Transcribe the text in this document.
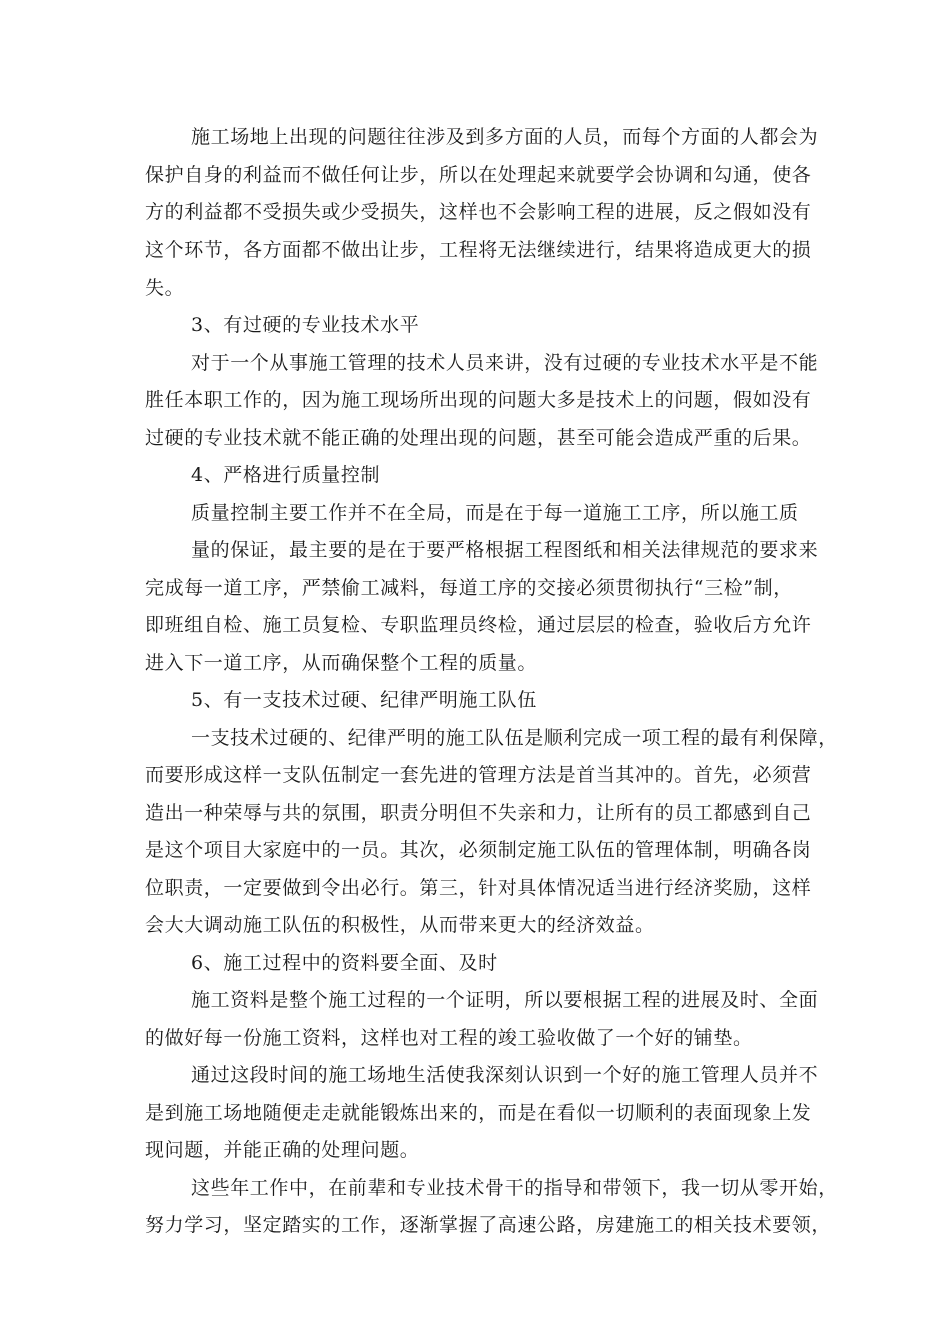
施工场地上出现的问题往往涉及到多方面的人员，而每个方面的人都会为
保护自身的利益而不做任何让步，所以在处理起来就要学会协调和勾通，使各
方的利益都不受损失或少受损失，这样也不会影响工程的进展，反之假如没有
这个环节，各方面都不做出让步，工程将无法继续进行，结果将造成更大的损
失。
3、有过硬的专业技术水平
对于一个从事施工管理的技术人员来讲，没有过硬的专业技术水平是不能
胜任本职工作的，因为施工现场所出现的问题大多是技术上的问题，假如没有
过硬的专业技术就不能正确的处理出现的问题，甚至可能会造成严重的后果。
4、严格进行质量控制
质量控制主要工作并不在全局，而是在于每一道施工工序，所以施工质
量的保证，最主要的是在于要严格根据工程图纸和相关法律规范的要求来
完成每一道工序，严禁偷工减料，每道工序的交接必须贯彻执行“三检”制，
即班组自检、施工员复检、专职监理员终检，通过层层的检查，验收后方允许
进入下一道工序，从而确保整个工程的质量。
5、有一支技术过硬、纪律严明施工队伍
一支技术过硬的、纪律严明的施工队伍是顺利完成一项工程的最有利保障，
而要形成这样一支队伍制定一套先进的管理方法是首当其冲的。首先，必须营
造出一种荣辱与共的氛围，职责分明但不失亲和力，让所有的员工都感到自己
是这个项目大家庭中的一员。其次，必须制定施工队伍的管理体制，明确各岗
位职责，一定要做到令出必行。第三，针对具体情况适当进行经济奖励，这样
会大大调动施工队伍的积极性，从而带来更大的经济效益。
6、施工过程中的资料要全面、及时
施工资料是整个施工过程的一个证明，所以要根据工程的进展及时、全面
的做好每一份施工资料，这样也对工程的竣工验收做了一个好的铺垫。
通过这段时间的施工场地生活使我深刻认识到一个好的施工管理人员并不
是到施工场地随便走走就能锻炼出来的，而是在看似一切顺利的表面现象上发
现问题，并能正确的处理问题。
这些年工作中，在前辈和专业技术骨干的指导和带领下，我一切从零开始，
努力学习，坚定踏实的工作，逐渐掌握了高速公路，房建施工的相关技术要领，
